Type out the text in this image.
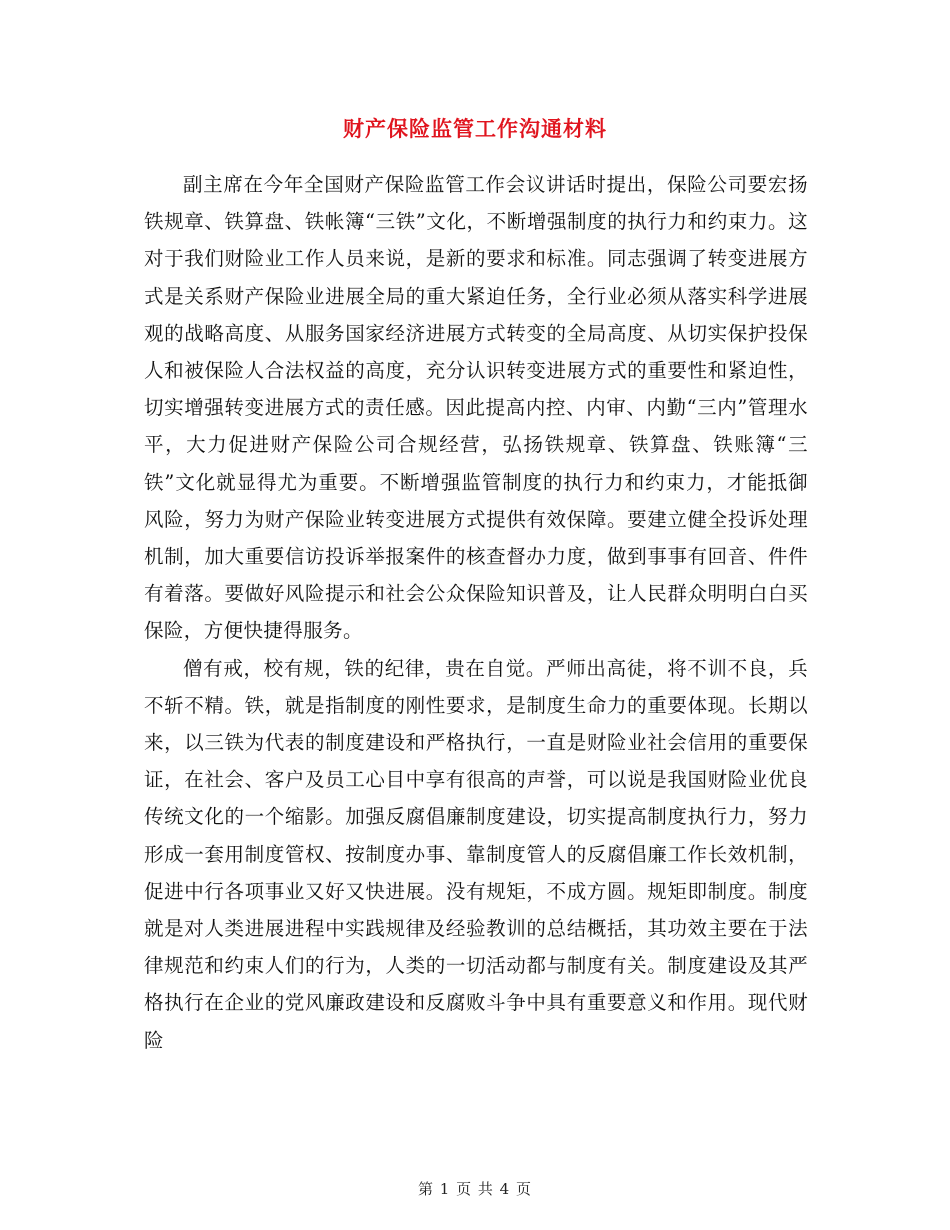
财产保险监管工作沟通材料

副主席在今年全国财产保险监管工作会议讲话时提出，保险公司要宏扬铁规章、铁算盘、铁帐簿“三铁”文化，不断增强制度的执行力和约束力。这对于我们财险业工作人员来说，是新的要求和标准。同志强调了转变进展方式是关系财产保险业进展全局的重大紧迫任务，全行业必须从落实科学进展观的战略高度、从服务国家经济进展方式转变的全局高度、从切实保护投保人和被保险人合法权益的高度，充分认识转变进展方式的重要性和紧迫性，切实增强转变进展方式的责任感。因此提高内控、内审、内勤“三内”管理水平，大力促进财产保险公司合规经营，弘扬铁规章、铁算盘、铁账簿“三铁”文化就显得尤为重要。不断增强监管制度的执行力和约束力，才能抵御风险，努力为财产保险业转变进展方式提供有效保障。要建立健全投诉处理机制，加大重要信访投诉举报案件的核查督办力度，做到事事有回音、件件有着落。要做好风险提示和社会公众保险知识普及，让人民群众明明白白买保险，方便快捷得服务。

僧有戒，校有规，铁的纪律，贵在自觉。严师出高徒，将不训不良，兵不斩不精。铁，就是指制度的刚性要求，是制度生命力的重要体现。长期以来，以三铁为代表的制度建设和严格执行，一直是财险业社会信用的重要保证，在社会、客户及员工心目中享有很高的声誉，可以说是我国财险业优良传统文化的一个缩影。加强反腐倡廉制度建设，切实提高制度执行力，努力形成一套用制度管权、按制度办事、靠制度管人的反腐倡廉工作长效机制，促进中行各项事业又好又快进展。没有规矩，不成方圆。规矩即制度。制度就是对人类进展进程中实践规律及经验教训的总结概括，其功效主要在于法律规范和约束人们的行为，人类的一切活动都与制度有关。制度建设及其严格执行在企业的党风廉政建设和反腐败斗争中具有重要意义和作用。现代财险

第 1 页 共 4 页
